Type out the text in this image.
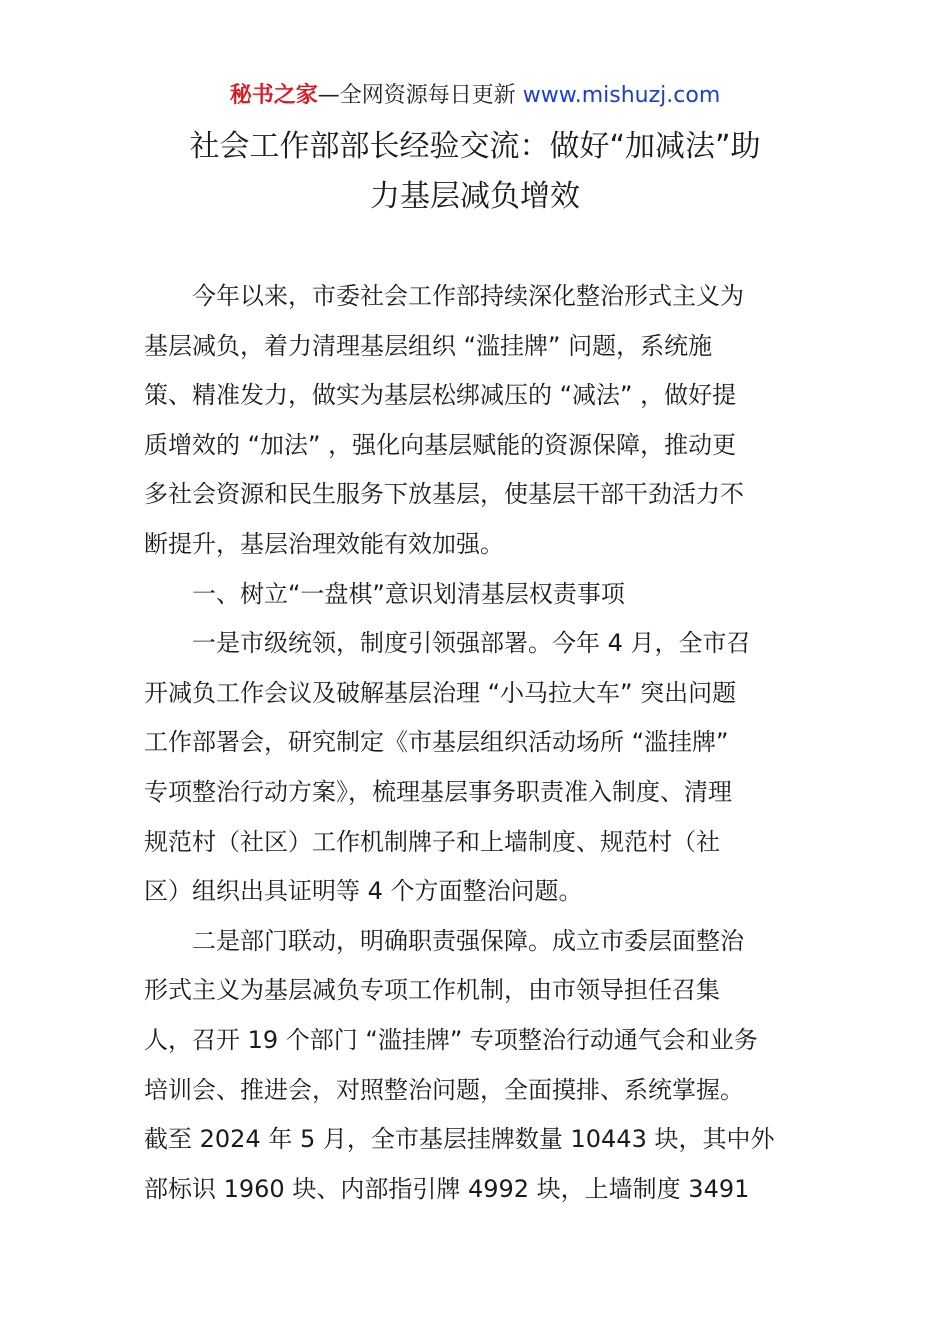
秘书之家—全网资源每日更新 www.mishuzj.com
社会工作部部长经验交流：做好“加减法”助
力基层减负增效
今年以来，市委社会工作部持续深化整治形式主义为
基层减负，着力清理基层组织 “滥挂牌” 问题，系统施
策、精准发力，做实为基层松绑减压的 “减法” ，做好提
质增效的 “加法” ，强化向基层赋能的资源保障，推动更
多社会资源和民生服务下放基层，使基层干部干劲活力不
断提升，基层治理效能有效加强。
一、树立“一盘棋”意识划清基层权责事项
一是市级统领，制度引领强部署。今年 4 月，全市召
开减负工作会议及破解基层治理 “小马拉大车” 突出问题
工作部署会，研究制定《市基层组织活动场所 “滥挂牌”
专项整治行动方案》，梳理基层事务职责准入制度、清理
规范村（社区）工作机制牌子和上墙制度、规范村（社
区）组织出具证明等 4 个方面整治问题。
二是部门联动，明确职责强保障。成立市委层面整治
形式主义为基层减负专项工作机制，由市领导担任召集
人，召开 19 个部门 “滥挂牌” 专项整治行动通气会和业务
培训会、推进会，对照整治问题，全面摸排、系统掌握。
截至 2024 年 5 月，全市基层挂牌数量 10443 块，其中外
部标识 1960 块、内部指引牌 4992 块，上墙制度 3491
